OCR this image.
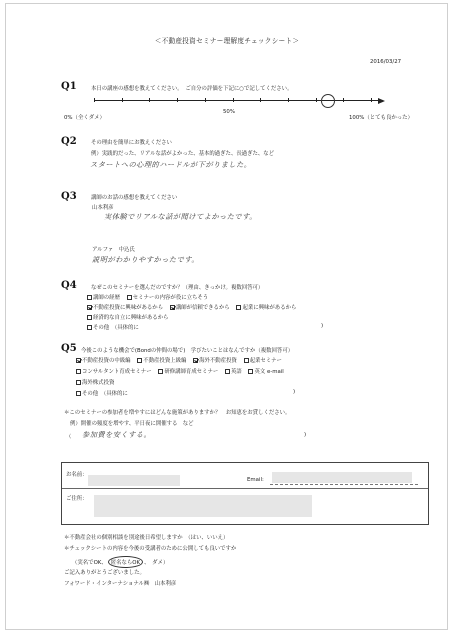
＜不動産投資セミナー理解度チェックシート＞
2016/03/27
Q1	本日の講座の感想を教えてください。　ご自分の評価を下記に○で記してください。
0%（全くダメ）
50%
100%（とても良かった）
Q2	その理由を簡単にお教えください
例）実践的だった、リアルな話がよかった、基本的過ぎた、長過ぎた、など
スタートへの心理的ハードルが下がりました。
Q3	講師のお話の感想を教えてください
山本利彦
実体験でリアルな話が聞けてよかったです。
アルファ　中込氏
説明がわかりやすかったです。
Q4	なぜこのセミナーを選んだのですか？（理由、きっかけ。複数回答可）
講師の経歴 セミナーの内容が役に立ちそう
不動産投資に興味があるから 講師が信頼できるから 起業に興味があるから
経済的な自立に興味があるから
その他　（具体的に	)
Q5 今後このような機会で(Bondの仲間の場で)　学びたいことはなんですか（複数回答可）
不動産投資の中級編 不動産投資上級編 海外不動産投資 起業セミナー
コンサルタント育成セミナー 研修講師育成セミナー 英語 英文 e-mail
海外株式投資
その他　（具体的に	)
＊このセミナーの参加者を増やすにはどんな施策がありますか？　お知恵をお貸しください。
例）開催の頻度を増やす、平日夜に開催する　など
（ 参加費を安くする。	)
お名前：
Email:
ご住所：
＊不動産会社の個別相談を別途後日希望しますか　（はい、いいえ）
＊チェックシートの内容を今後の受講者のために公開しても良いですか
（実名でOK、 匿名ならOK 、　ダメ）
ご記入ありがとうございました。
フォワード・インターナショナル㈱　山本利彦
